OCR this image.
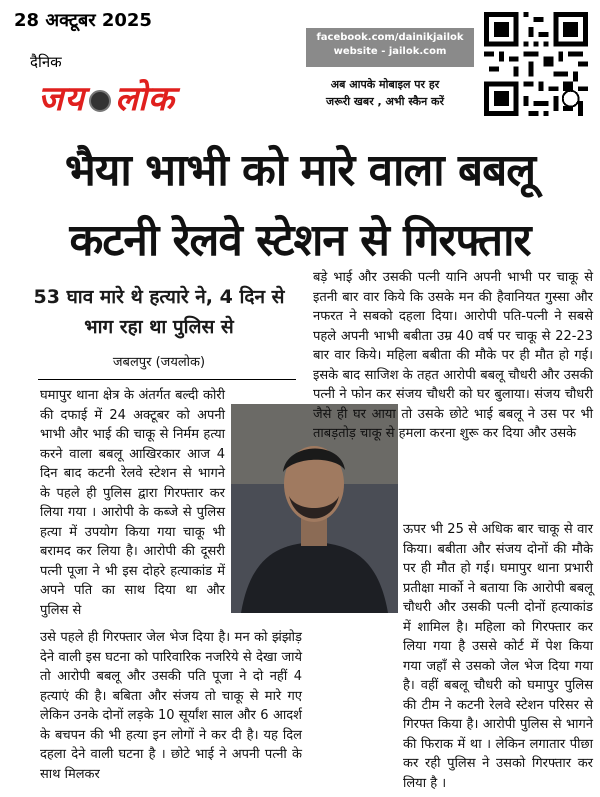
28 अक्टूबर 2025
दैनिक
जय लोक
facebook.com/dainikjailok
website - jailok.com
अब आपके मोबाइल पर हर
जरूरी खबर , अभी स्कैन करें
भैया भाभी को मारे वाला बबलू
कटनी रेलवे स्टेशन से गिरफ्तार
53 घाव मारे थे हत्यारे ने, 4 दिन से भाग रहा था पुलिस से
जबलपुर (जयलोक)
घमापुर थाना क्षेत्र के अंतर्गत बल्दी कोरी की दफाई में 24 अक्टूबर को अपनी भाभी और भाई की चाकू से निर्मम हत्या करने वाला बबलू आखिरकार आज 4 दिन बाद कटनी रेलवे स्टेशन से भागने के पहले ही पुलिस द्वारा गिरफ्तार कर लिया गया । आरोपी के कब्जे से पुलिस हत्या में उपयोग किया गया चाकू भी बरामद कर लिया है। आरोपी की दूसरी पत्नी पूजा ने भी इस दोहरे हत्याकांड में अपने पति का साथ दिया था और पुलिस से
उसे पहले ही गिरफ्तार जेल भेज दिया है। मन को झंझोड़ देने वाली इस घटना को पारिवारिक नजरिये से देखा जाये तो आरोपी बबलू और उसकी पति पूजा ने दो नहीं 4 हत्याएं की है। बबिता और संजय तो चाकू से मारे गए लेकिन उनके दोनों लड़के 10 सूर्यांश साल और 6 आदर्श के बचपन की भी हत्या इन लोगों ने कर दी है। यह दिल दहला देने वाली घटना है । छोटे भाई ने अपनी पत्नी के साथ मिलकर
बड़े भाई और उसकी पत्नी यानि अपनी भाभी पर चाकू से इतनी बार वार किये कि उसके मन की हैवानियत गुस्सा और नफरत ने सबको दहला दिया। आरोपी पति-पत्नी ने सबसे पहले अपनी भाभी बबीता उम्र 40 वर्ष पर चाकू से 22-23 बार वार किये। महिला बबीता की मौके पर ही मौत हो गई। इसके बाद साजिश के तहत आरोपी बबलू चौधरी और उसकी पत्नी ने फोन कर संजय चौधरी को घर बुलाया। संजय चौधरी जैसे ही घर आया तो उसके छोटे भाई बबलू ने उस पर भी ताबड़तोड़ चाकू से हमला करना शुरू कर दिया और उसके
ऊपर भी 25 से अधिक बार चाकू से वार किया। बबीता और संजय दोनों की मौके पर ही मौत हो गई। घमापुर थाना प्रभारी प्रतीक्षा मार्को ने बताया कि आरोपी बबलू चौधरी और उसकी पत्नी दोनों हत्याकांड में शामिल है। महिला को गिरफ्तार कर लिया गया है उससे कोर्ट में पेश किया गया जहाँ से उसको जेल भेज दिया गया है। वहीं बबलू चौधरी को घमापुर पुलिस की टीम ने कटनी रेलवे स्टेशन परिसर से गिरफ्त किया है। आरोपी पुलिस से भागने की फिराक में था । लेकिन लगातार पीछा कर रही पुलिस ने उसको गिरफ्तार कर लिया है ।
